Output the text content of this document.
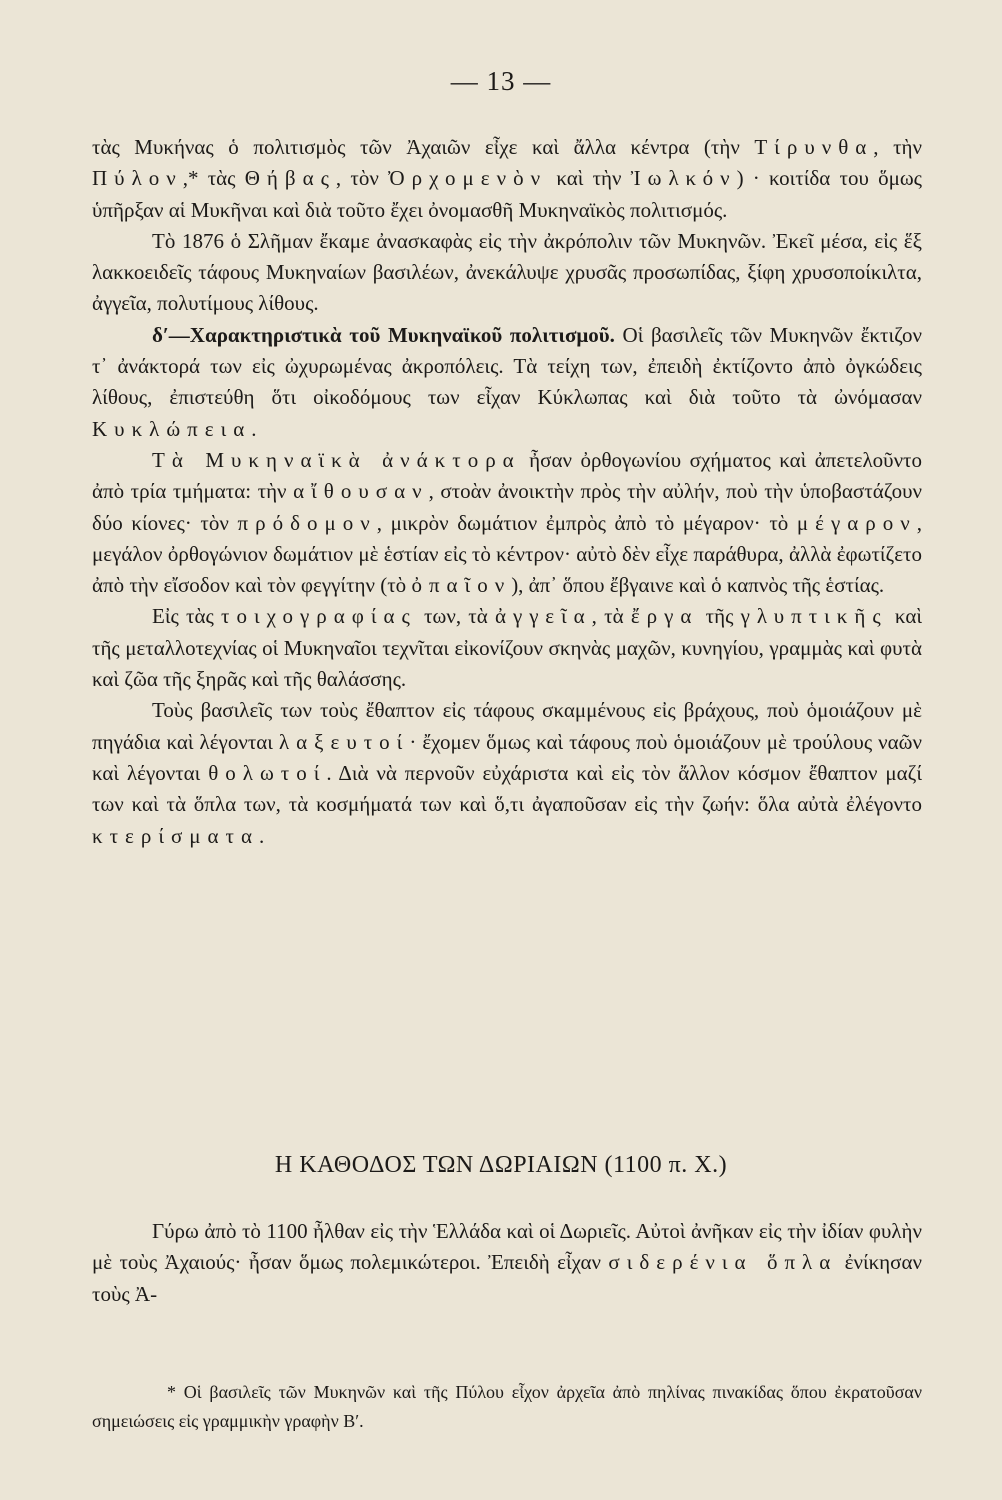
— 13 —

τὰς Μυκήνας ὁ πολιτισμὸς τῶν Ἀχαιῶν εἶχε καὶ ἄλλα κέντρα (τὴν Τίρυνθα, τὴν Πύλον,* τὰς Θήβας, τὸν Ὀρχομενὸν καὶ τὴν Ἰωλκόν) · κοιτίδα του ὅμως ὑπῆρξαν αἱ Μυκῆναι καὶ διὰ τοῦτο ἔχει ὀνομασθῆ Μυκηναϊκὸς πολιτισμός.

Τὸ 1876 ὁ Σλῆμαν ἔκαμε ἀνασκαφὰς εἰς τὴν ἀκρόπολιν τῶν Μυκηνῶν. Ἐκεῖ μέσα, εἰς ἕξ λακκοειδεῖς τάφους Μυκηναίων βασιλέων, ἀνεκάλυψε χρυσᾶς προσωπίδας, ξίφη χρυσοποίκιλτα, ἀγγεῖα, πολυτίμους λίθους.

δ′—Χαρακτηριστικὰ τοῦ Μυκηναϊκοῦ πολιτισμοῦ. Οἱ βασιλεῖς τῶν Μυκηνῶν ἔκτιζον τ᾽ ἀνάκτορά των εἰς ὠχυρωμένας ἀκροπόλεις. Τὰ τείχη των, ἐπειδὴ ἐκτίζοντο ἀπὸ ὀγκώδεις λίθους, ἐπιστεύθη ὅτι οἰκοδόμους των εἶχαν Κύκλωπας καὶ διὰ τοῦτο τὰ ὠνόμασαν Κυκλώπεια.

Τὰ Μυκηναϊκὰ ἀνάκτορα ἦσαν ὀρθογωνίου σχήματος καὶ ἀπετελοῦντο ἀπὸ τρία τμήματα: τὴν αἴθουσαν, στοὰν ἀνοικτὴν πρὸς τὴν αὐλήν, ποὺ τὴν ὑποβαστάζουν δύο κίονες· τὸν πρόδομον, μικρὸν δωμάτιον ἐμπρὸς ἀπὸ τὸ μέγαρον· τὸ μέγαρον, μεγάλον ὀρθογώνιον δωμάτιον μὲ ἑστίαν εἰς τὸ κέντρον· αὐτὸ δὲν εἶχε παράθυρα, ἀλλὰ ἐφωτίζετο ἀπὸ τὴν εἴσοδον καὶ τὸν φεγγίτην (τὸ ὀπαῖον), ἀπ᾽ ὅπου ἔβγαινε καὶ ὁ καπνὸς τῆς ἑστίας.

Εἰς τὰς τοιχογραφίας των, τὰ ἀγγεῖα, τὰ ἔργα τῆς γλυπτικῆς καὶ τῆς μεταλλοτεχνίας οἱ Μυκηναῖοι τεχνῖται εἰκονίζουν σκηνὰς μαχῶν, κυνηγίου, γραμμὰς καὶ φυτὰ καὶ ζῶα τῆς ξηρᾶς καὶ τῆς θαλάσσης.

Τοὺς βασιλεῖς των τοὺς ἔθαπτον εἰς τάφους σκαμμένους εἰς βράχους, ποὺ ὁμοιάζουν μὲ πηγάδια καὶ λέγονται λαξευτοί· ἔχομεν ὅμως καὶ τάφους ποὺ ὁμοιάζουν μὲ τρούλους ναῶν καὶ λέγονται θολωτοί. Διὰ νὰ περνοῦν εὐχάριστα καὶ εἰς τὸν ἄλλον κόσμον ἔθαπτον μαζί των καὶ τὰ ὅπλα των, τὰ κοσμήματά των καὶ ὅ,τι ἀγαποῦσαν εἰς τὴν ζωήν: ὅλα αὐτὰ ἐλέγοντο κτερίσματα.

Η ΚΑΘΟΔΟΣ ΤΩΝ ΔΩΡΙΑΙΩΝ (1100 π. Χ.)

Γύρω ἀπὸ τὸ 1100 ἦλθαν εἰς τὴν Ἑλλάδα καὶ οἱ Δωριεῖς. Αὐτοὶ ἀνῆκαν εἰς τὴν ἰδίαν φυλὴν μὲ τοὺς Ἀχαιούς· ἦσαν ὅμως πολεμικώτεροι. Ἐπειδὴ εἶχαν σιδερένια ὅπλα ἐνίκησαν τοὺς Ἀ-

* Οἱ βασιλεῖς τῶν Μυκηνῶν καὶ τῆς Πύλου εἶχον ἀρχεῖα ἀπὸ πηλίνας πινακίδας ὅπου ἐκρατοῦσαν σημειώσεις εἰς γραμμικὴν γραφὴν Β′.
